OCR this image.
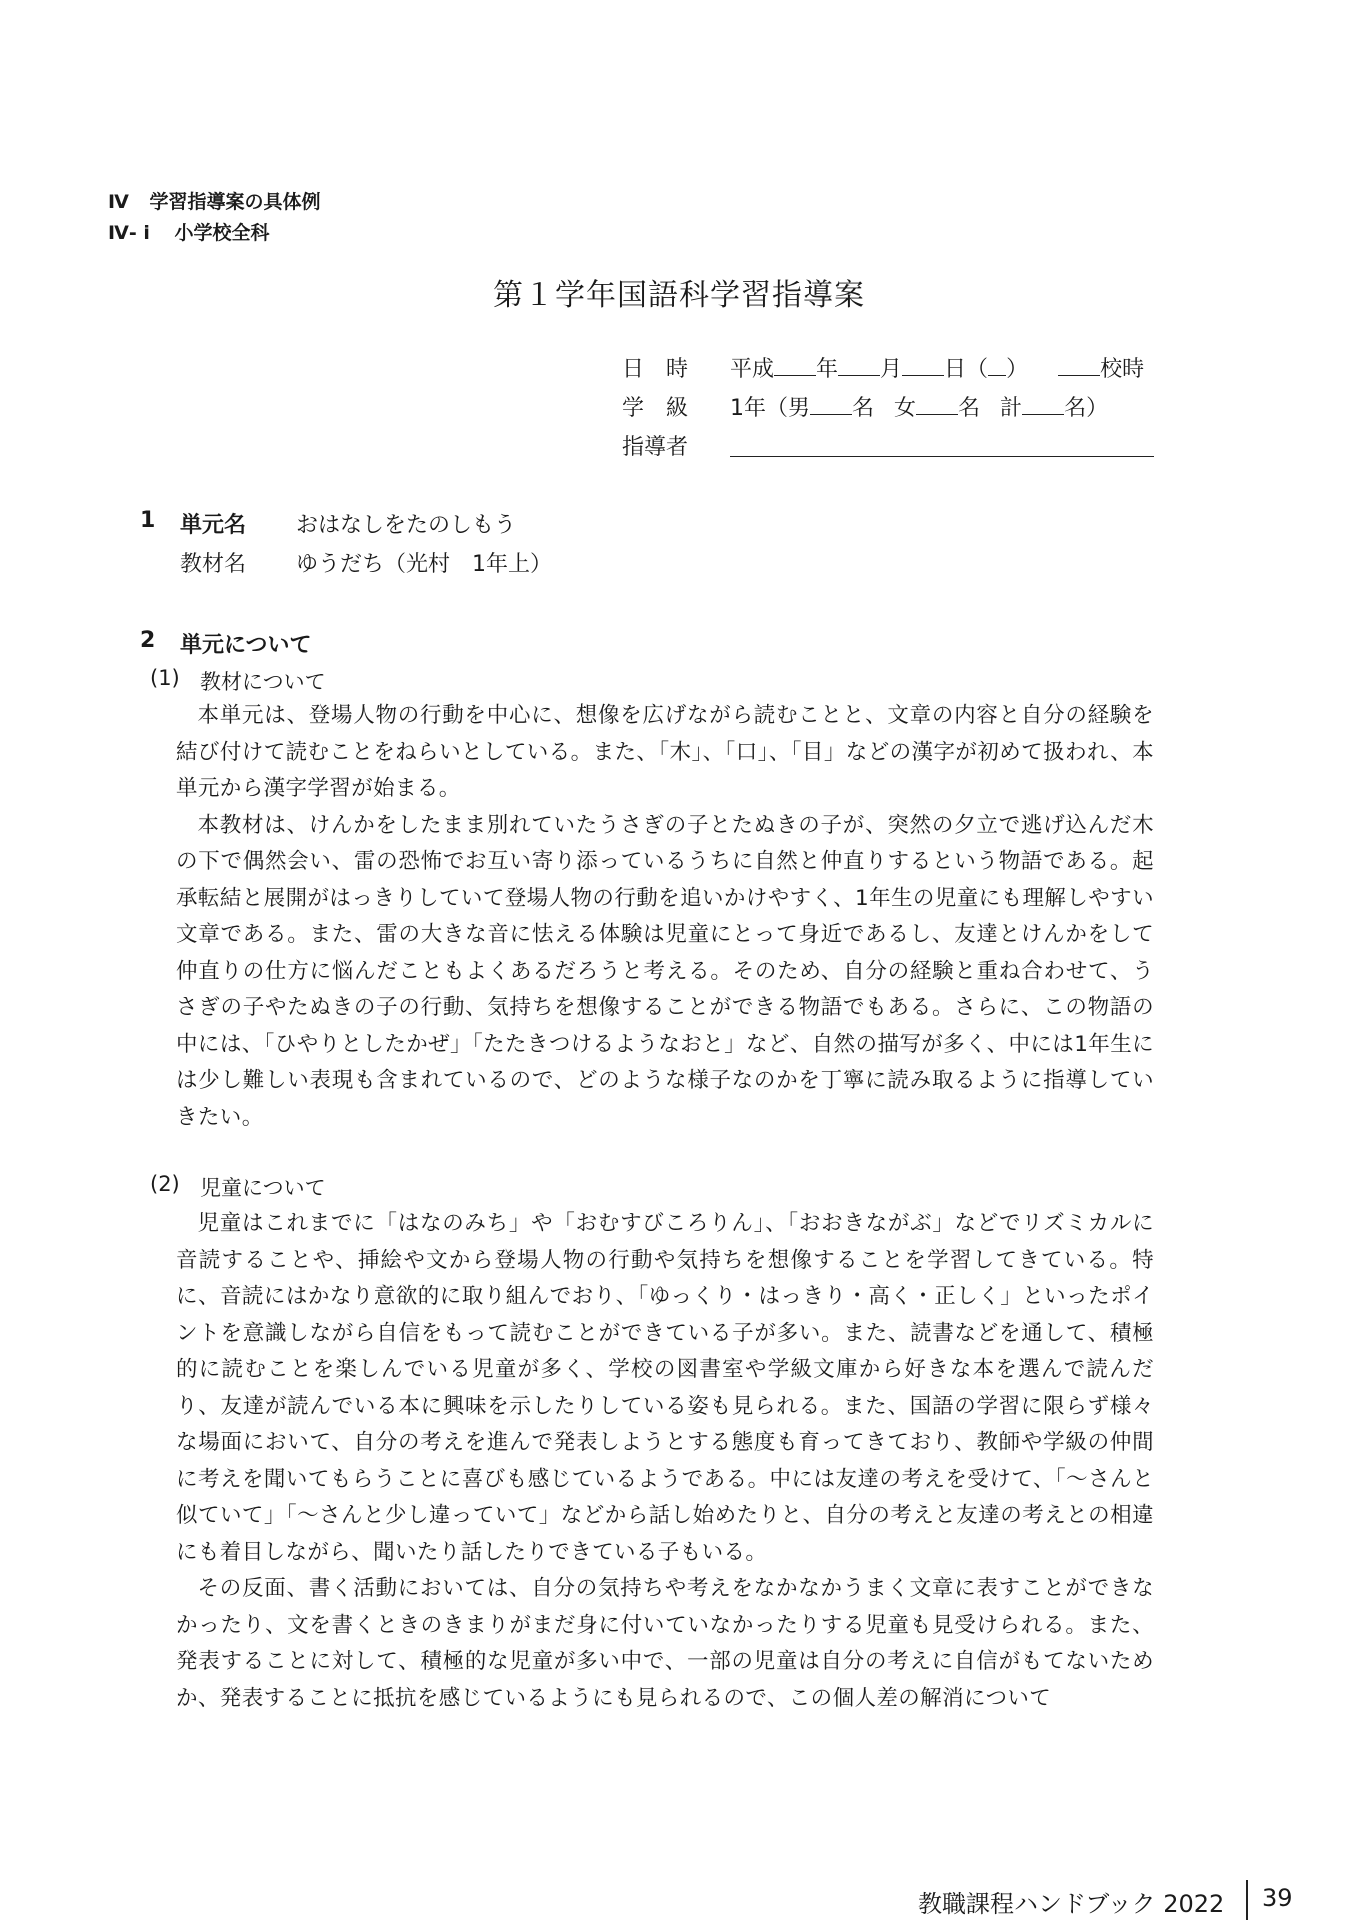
Ⅳ 学習指導案の具体例
Ⅳ- i 小学校全科
第１学年国語科学習指導案
日　時 平成 年 月 日（ ）	校時
学　級 1年（男 名 女 名 計 名）
指導者
1 単元名 おはなしをたのしもう
教材名 ゆうだち（光村　1年上）
2 単元について
(1) 教材について

本単元は、登場人物の行動を中心に、想像を広げながら読むことと、文章の内容と自分の経験を結び付けて読むことをねらいとしている。また、「木」、「口」、「目」などの漢字が初めて扱われ、本単元から漢字学習が始まる。

本教材は、けんかをしたまま別れていたうさぎの子とたぬきの子が、突然の夕立で逃げ込んだ木の下で偶然会い、雷の恐怖でお互い寄り添っているうちに自然と仲直りするという物語である。起承転結と展開がはっきりしていて登場人物の行動を追いかけやすく、1年生の児童にも理解しやすい文章である。また、雷の大きな音に怯える体験は児童にとって身近であるし、友達とけんかをして仲直りの仕方に悩んだこともよくあるだろうと考える。そのため、自分の経験と重ね合わせて、うさぎの子やたぬきの子の行動、気持ちを想像することができる物語でもある。さらに、この物語の中には、「ひやりとしたかぜ」「たたきつけるようなおと」など、自然の描写が多く、中には1年生には少し難しい表現も含まれているので、どのような様子なのかを丁寧に読み取るように指導していきたい。

(2) 児童について

児童はこれまでに「はなのみち」や「おむすびころりん」、「おおきながぶ」などでリズミカルに音読することや、挿絵や文から登場人物の行動や気持ちを想像することを学習してきている。特に、音読にはかなり意欲的に取り組んでおり、「ゆっくり・はっきり・高く・正しく」といったポイントを意識しながら自信をもって読むことができている子が多い。また、読書などを通して、積極的に読むことを楽しんでいる児童が多く、学校の図書室や学級文庫から好きな本を選んで読んだり、友達が読んでいる本に興味を示したりしている姿も見られる。また、国語の学習に限らず様々な場面において、自分の考えを進んで発表しようとする態度も育ってきており、教師や学級の仲間に考えを聞いてもらうことに喜びも感じているようである。中には友達の考えを受けて、「～さんと似ていて」「～さんと少し違っていて」などから話し始めたりと、自分の考えと友達の考えとの相違にも着目しながら、聞いたり話したりできている子もいる。

その反面、書く活動においては、自分の気持ちや考えをなかなかうまく文章に表すことができなかったり、文を書くときのきまりがまだ身に付いていなかったりする児童も見受けられる。また、発表することに対して、積極的な児童が多い中で、一部の児童は自分の考えに自信がもてないためか、発表することに抵抗を感じているようにも見られるので、この個人差の解消について

教職課程ハンドブック 2022 39
